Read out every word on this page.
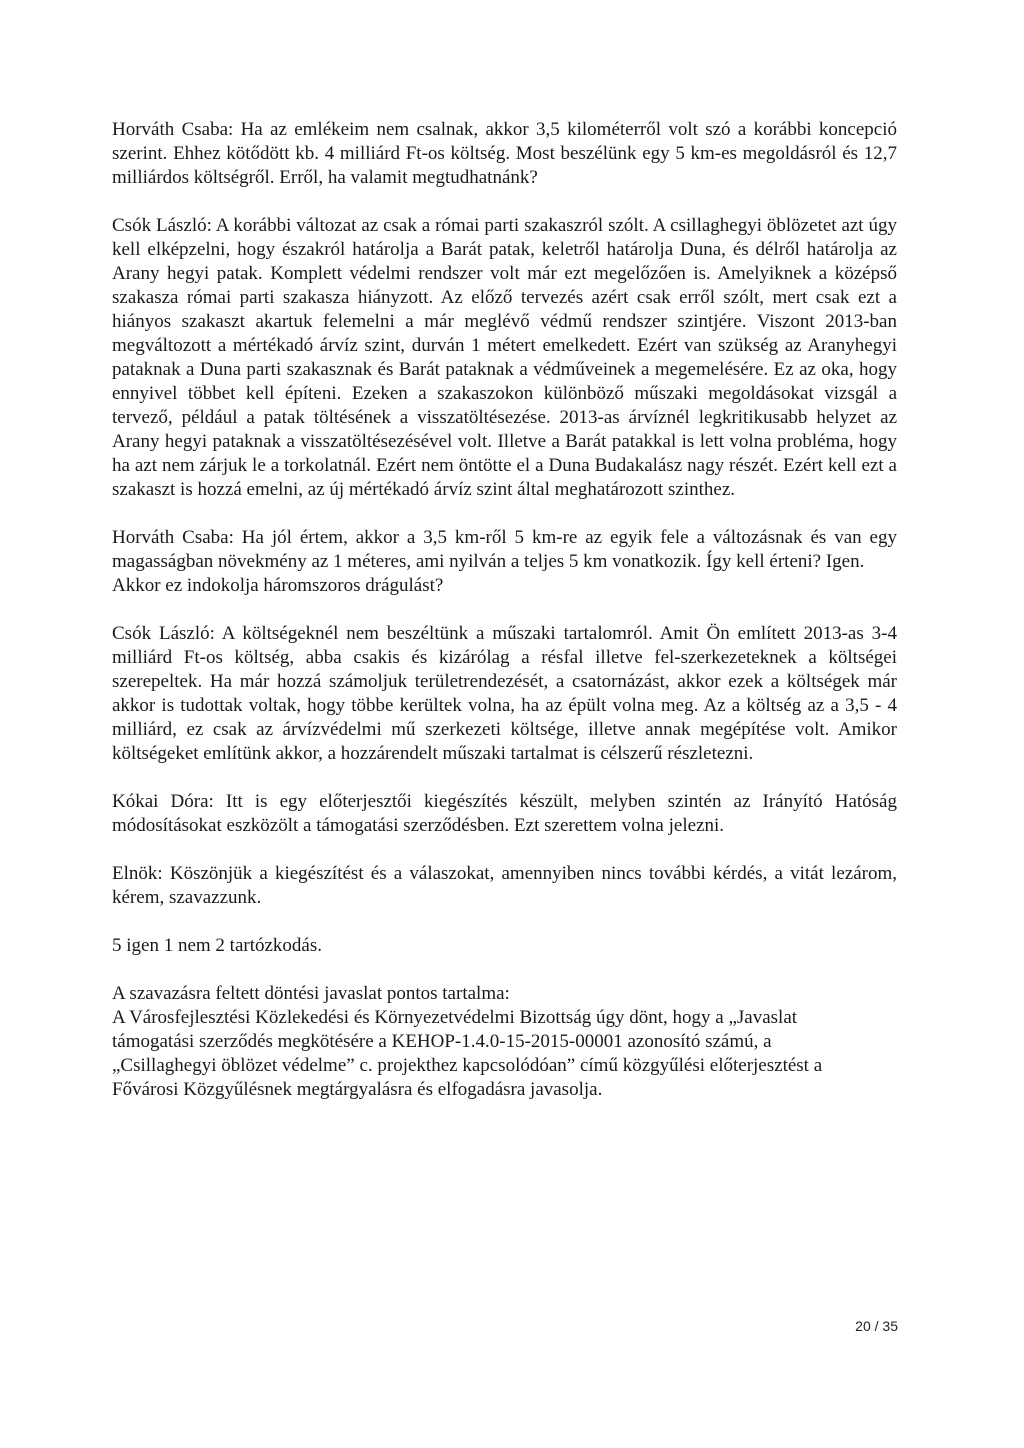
Horváth Csaba: Ha az emlékeim nem csalnak, akkor 3,5 kilométerről volt szó a korábbi koncepció szerint. Ehhez kötődött kb. 4 milliárd Ft-os költség. Most beszélünk egy 5 km-es megoldásról és 12,7 milliárdos költségről. Erről, ha valamit megtudhatnánk?

Csók László: A korábbi változat az csak a római parti szakaszról szólt. A csillaghegyi öblözetet azt úgy kell elképzelni, hogy északról határolja a Barát patak, keletről határolja Duna, és délről határolja az Arany hegyi patak. Komplett védelmi rendszer volt már ezt megelőzően is. Amelyiknek a középső szakasza római parti szakasza hiányzott. Az előző tervezés azért csak erről szólt, mert csak ezt a hiányos szakaszt akartuk felemelni a már meglévő védmű rendszer szintjére. Viszont 2013-ban megváltozott a mértékadó árvíz szint, durván 1 métert emelkedett. Ezért van szükség az Aranyhegyi pataknak a Duna parti szakasznak és Barát pataknak a védműveinek a megemelésére. Ez az oka, hogy ennyivel többet kell építeni. Ezeken a szakaszokon különböző műszaki megoldásokat vizsgál a tervező, például a patak töltésének a visszatöltésezése. 2013-as árvíznél legkritikusabb helyzet az Arany hegyi pataknak a visszatöltésezésével volt. Illetve a Barát patakkal is lett volna probléma, hogy ha azt nem zárjuk le a torkolatnál. Ezért nem öntötte el a Duna Budakalász nagy részét. Ezért kell ezt a szakaszt is hozzá emelni, az új mértékadó árvíz szint által meghatározott szinthez.

Horváth Csaba: Ha jól értem, akkor a 3,5 km-ről 5 km-re az egyik fele a változásnak és van egy magasságban növekmény az 1 méteres, ami nyilván a teljes 5 km vonatkozik. Így kell érteni? Igen.

Akkor ez indokolja háromszoros drágulást?

Csók László: A költségeknél nem beszéltünk a műszaki tartalomról. Amit Ön említett 2013-as 3-4 milliárd Ft-os költség, abba csakis és kizárólag a résfal illetve fel-szerkezeteknek a költségei szerepeltek. Ha már hozzá számoljuk területrendezését, a csatornázást, akkor ezek a költségek már akkor is tudottak voltak, hogy többe kerültek volna, ha az épült volna meg. Az a költség az a 3,5 - 4 milliárd, ez csak az árvízvédelmi mű szerkezeti költsége, illetve annak megépítése volt. Amikor költségeket említünk akkor, a hozzárendelt műszaki tartalmat is célszerű részletezni.

Kókai Dóra: Itt is egy előterjesztői kiegészítés készült, melyben szintén az Irányító Hatóság módosításokat eszközölt a támogatási szerződésben. Ezt szerettem volna jelezni.

Elnök: Köszönjük a kiegészítést és a válaszokat, amennyiben nincs további kérdés, a vitát lezárom, kérem, szavazzunk.

5 igen 1 nem 2 tartózkodás.

A szavazásra feltett döntési javaslat pontos tartalma:

A Városfejlesztési Közlekedési és Környezetvédelmi Bizottság úgy dönt, hogy a „Javaslat

támogatási szerződés megkötésére a KEHOP-1.4.0-15-2015-00001 azonosító számú, a

„Csillaghegyi öblözet védelme” c. projekthez kapcsolódóan” című közgyűlési előterjesztést a

Fővárosi Közgyűlésnek megtárgyalásra és elfogadásra javasolja.

20 / 35
